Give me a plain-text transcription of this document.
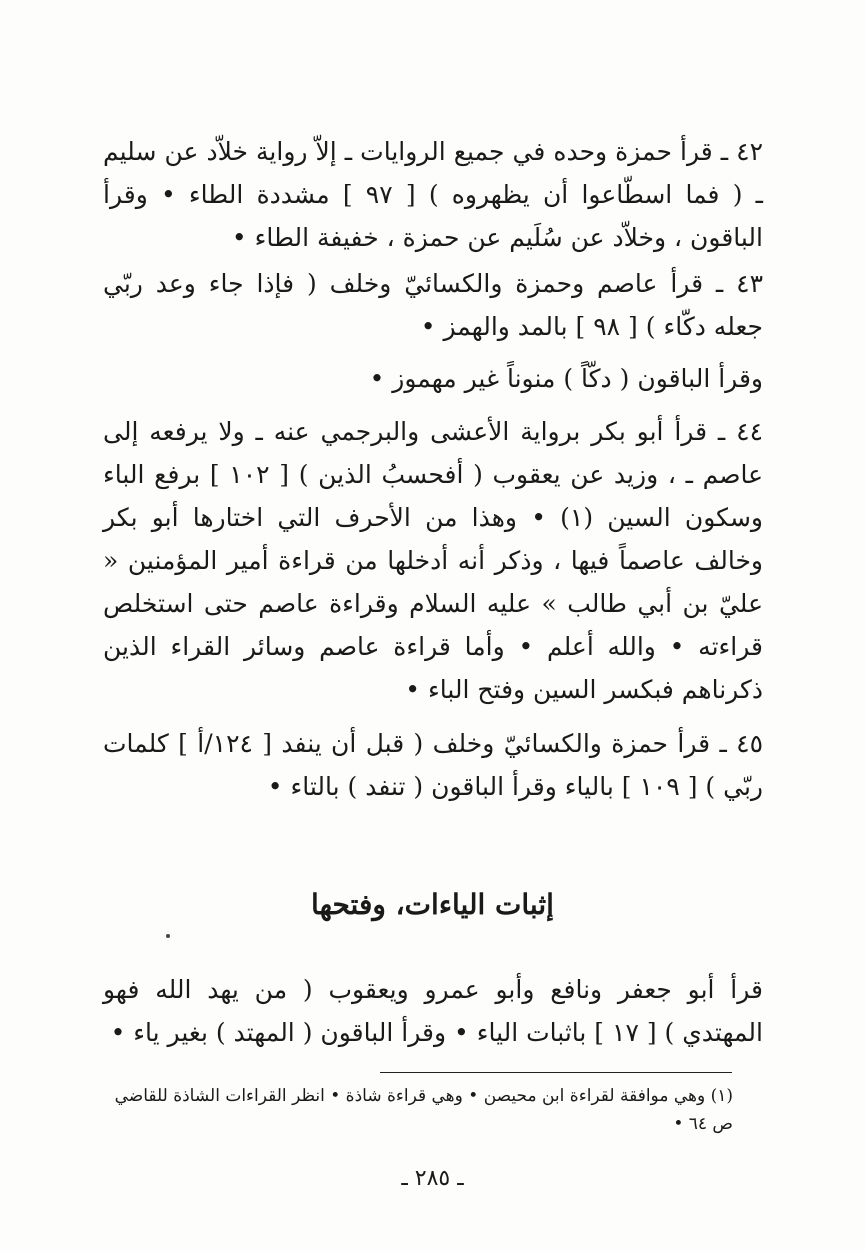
٤٢ ـ قرأ حمزة وحده في جميع الروايات ـ إلاّ رواية خلاّد عن سليم ـ ( فما اسطّاعوا أن يظهروه ) [ ٩٧ ] مشددة الطاء • وقرأ الباقون ، وخلاّد عن سُلَيم عن حمزة ، خفيفة الطاء •

٤٣ ـ قرأ عاصم وحمزة والكسائيّ وخلف ( فإذا جاء وعد ربّي جعله دكّاء ) [ ٩٨ ] بالمد والهمز •

وقرأ الباقون ( دكّاً ) منوناً غير مهموز •

٤٤ ـ قرأ أبو بكر برواية الأعشى والبرجمي عنه ـ ولا يرفعه إلى عاصم ـ ، وزيد عن يعقوب ( أفحسبُ الذين ) [ ١٠٢ ] برفع الباء وسكون السين (١) • وهذا من الأحرف التي اختارها أبو بكر وخالف عاصماً فيها ، وذكر أنه أدخلها من قراءة أمير المؤمنين « عليّ بن أبي طالب » عليه السلام وقراءة عاصم حتى استخلص قراءته • والله أعلم • وأما قراءة عاصم وسائر القراء الذين ذكرناهم فبكسر السين وفتح الباء •

٤٥ ـ قرأ حمزة والكسائيّ وخلف ( قبل أن ينفد [ ١٢٤/أ ] كلمات ربّي ) [ ١٠٩ ] بالياء وقرأ الباقون ( تنفد ) بالتاء •

إثبات الياءات، وفتحها

قرأ أبو جعفر ونافع وأبو عمرو ويعقوب ( من يهد الله فهو المهتدي ) [ ١٧ ] باثبات الياء • وقرأ الباقون ( المهتد ) بغير ياء •

(١) وهي موافقة لقراءة ابن محيصن • وهي قراءة شاذة • انظر القراءات الشاذة للقاضي ص ٦٤ •

ـ ٢٨٥ ـ
